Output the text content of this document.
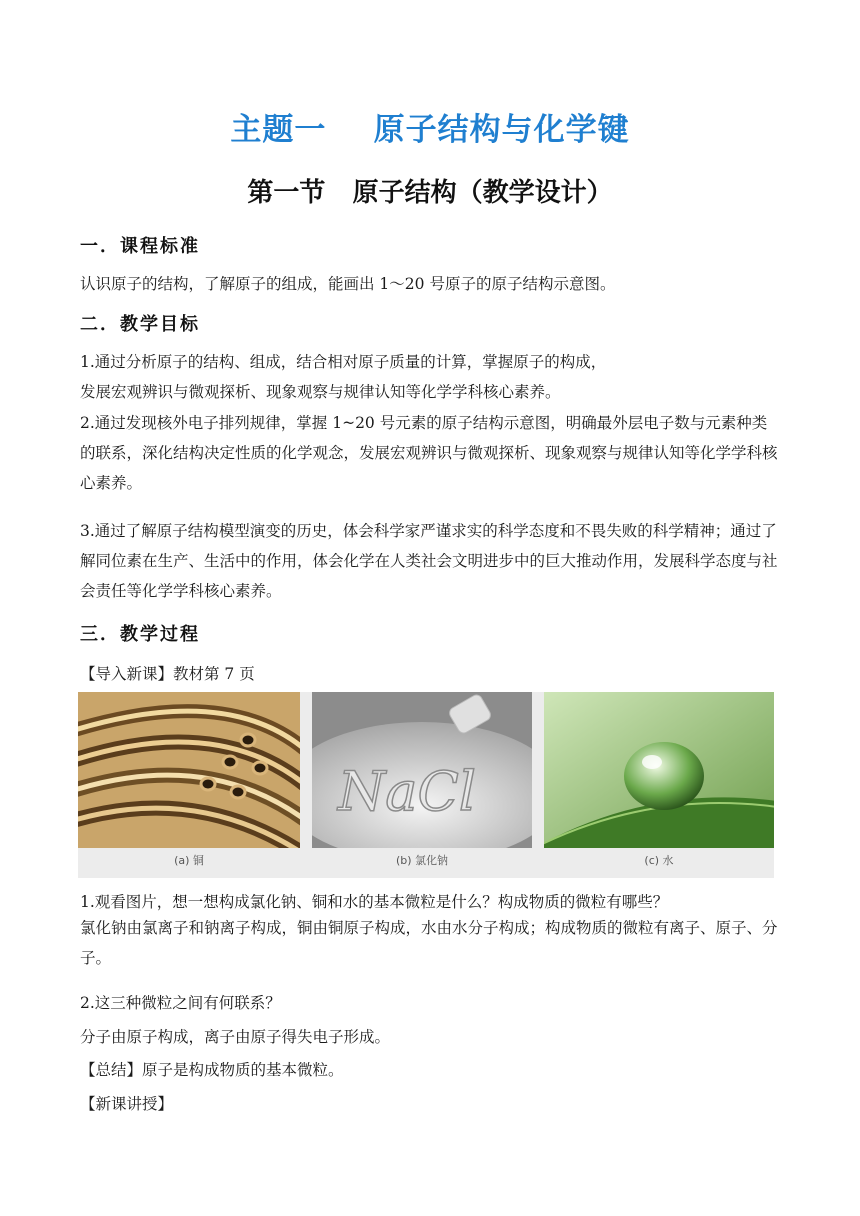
主题一    原子结构与化学键
第一节   原子结构（教学设计）
一．课程标准
认识原子的结构，了解原子的组成，能画出 1～20 号原子的原子结构示意图。
二．教学目标
1.通过分析原子的结构、组成，结合相对原子质量的计算，掌握原子的构成，
发展宏观辨识与微观探析、现象观察与规律认知等化学学科核心素养。
2.通过发现核外电子排列规律，掌握 1~20 号元素的原子结构示意图，明确最外层电子数与元素种类的联系，深化结构决定性质的化学观念，发展宏观辨识与微观探析、现象观察与规律认知等化学学科核心素养。
3.通过了解原子结构模型演变的历史，体会科学家严谨求实的科学态度和不畏失败的科学精神；通过了解同位素在生产、生活中的作用，体会化学在人类社会文明进步中的巨大推动作用，发展科学态度与社会责任等化学学科核心素养。
三．教学过程
【导入新课】教材第 7 页
(a) 铜
NaCl
(b) 氯化钠	(c) 水
1.观看图片，想一想构成氯化钠、铜和水的基本微粒是什么？构成物质的微粒有哪些？
氯化钠由氯离子和钠离子构成，铜由铜原子构成，水由水分子构成；构成物质的微粒有离子、原子、分子。
2.这三种微粒之间有何联系？
分子由原子构成，离子由原子得失电子形成。
【总结】原子是构成物质的基本微粒。
【新课讲授】
